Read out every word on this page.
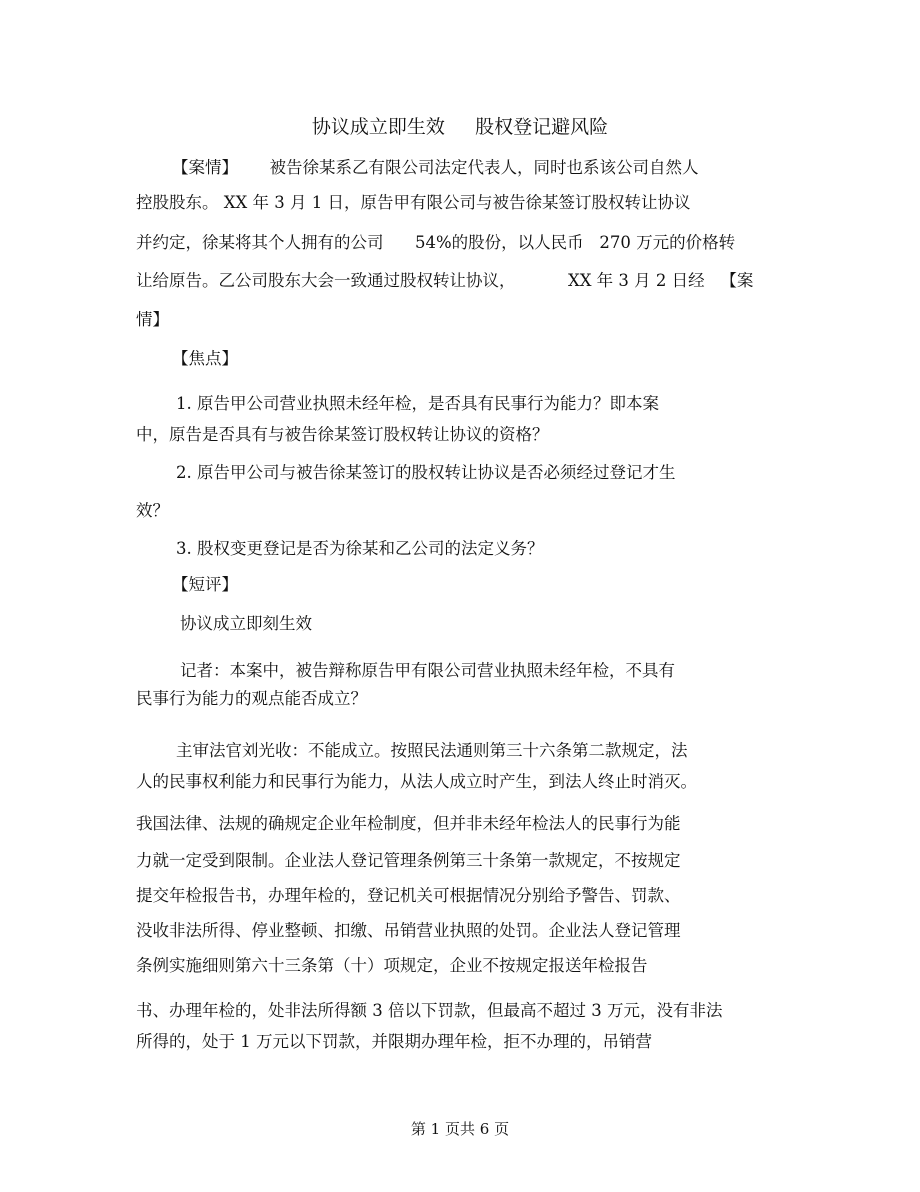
协议成立即生效     股权登记避风险
【案情】      被告徐某系乙有限公司法定代表人，同时也系该公司自然人
控股股东。 XX 年 3 月 1 日，原告甲有限公司与被告徐某签订股权转让协议
并约定，徐某将其个人拥有的公司      54%的股份，以人民币   270 万元的价格转
让给原告。乙公司股东大会一致通过股权转让协议，          XX 年 3 月 2 日经   【案
情】
【焦点】
1. 原告甲公司营业执照未经年检，是否具有民事行为能力？即本案
中，原告是否具有与被告徐某签订股权转让协议的资格？
2. 原告甲公司与被告徐某签订的股权转让协议是否必须经过登记才生
效？
3. 股权变更登记是否为徐某和乙公司的法定义务？
【短评】
协议成立即刻生效
记者：本案中，被告辩称原告甲有限公司营业执照未经年检，不具有
民事行为能力的观点能否成立？
主审法官刘光收：不能成立。按照民法通则第三十六条第二款规定，法
人的民事权利能力和民事行为能力，从法人成立时产生，到法人终止时消灭。
我国法律、法规的确规定企业年检制度，但并非未经年检法人的民事行为能
力就一定受到限制。企业法人登记管理条例第三十条第一款规定，不按规定
提交年检报告书，办理年检的，登记机关可根据情况分别给予警告、罚款、
没收非法所得、停业整顿、扣缴、吊销营业执照的处罚。企业法人登记管理
条例实施细则第六十三条第（十）项规定，企业不按规定报送年检报告
书、办理年检的，处非法所得额 3 倍以下罚款，但最高不超过 3 万元，没有非法
所得的，处于 1 万元以下罚款，并限期办理年检，拒不办理的，吊销营
第 1 页共 6 页
